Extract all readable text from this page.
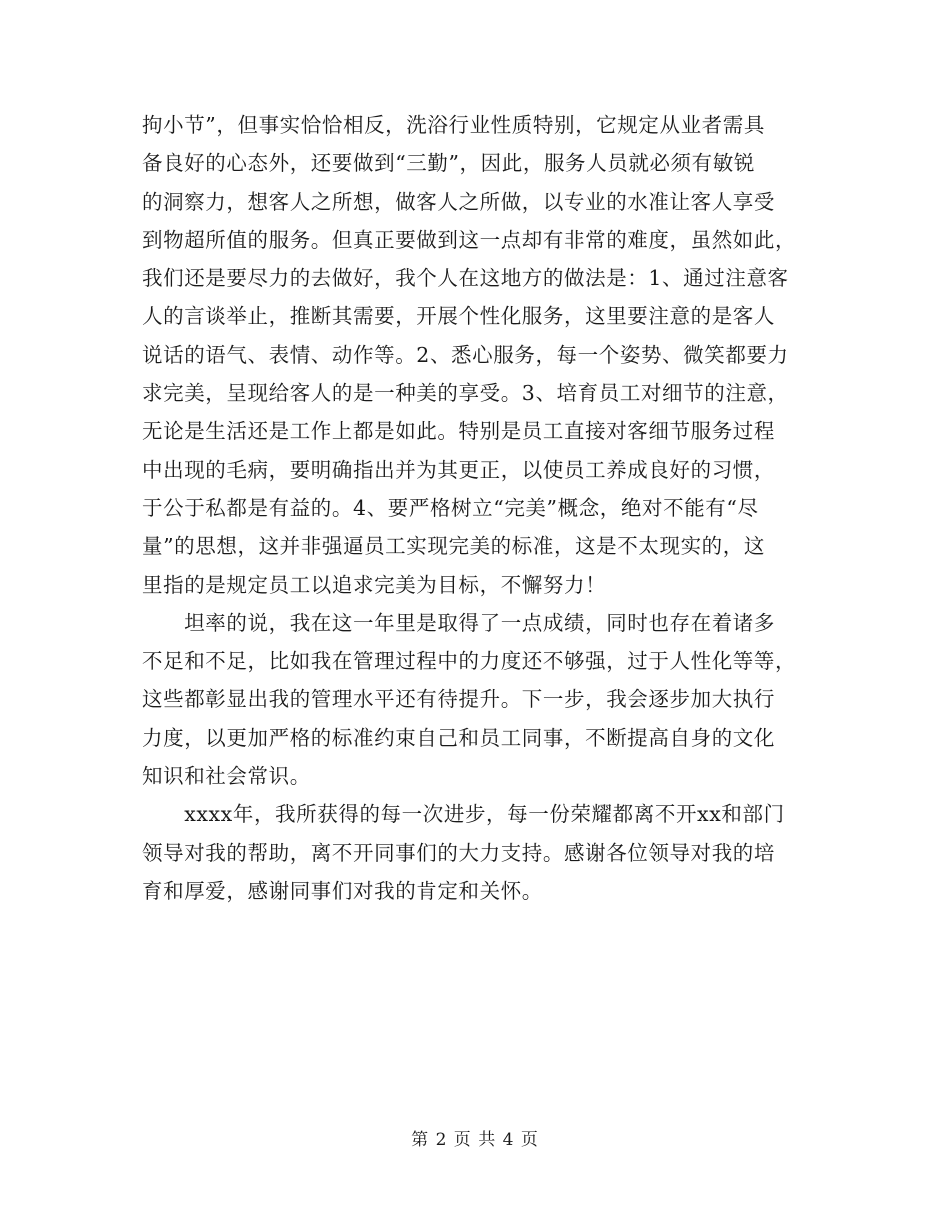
拘小节”，但事实恰恰相反，洗浴行业性质特别，它规定从业者需具
备良好的心态外，还要做到“三勤”，因此，服务人员就必须有敏锐
的洞察力，想客人之所想，做客人之所做，以专业的水准让客人享受
到物超所值的服务。但真正要做到这一点却有非常的难度，虽然如此，
我们还是要尽力的去做好，我个人在这地方的做法是：1、通过注意客
人的言谈举止，推断其需要，开展个性化服务，这里要注意的是客人
说话的语气、表情、动作等。2、悉心服务，每一个姿势、微笑都要力
求完美，呈现给客人的是一种美的享受。3、培育员工对细节的注意，
无论是生活还是工作上都是如此。特别是员工直接对客细节服务过程
中出现的毛病，要明确指出并为其更正，以使员工养成良好的习惯，
于公于私都是有益的。4、要严格树立“完美”概念，绝对不能有“尽
量”的思想，这并非强逼员工实现完美的标准，这是不太现实的，这
里指的是规定员工以追求完美为目标，不懈努力！
　　坦率的说，我在这一年里是取得了一点成绩，同时也存在着诸多
不足和不足，比如我在管理过程中的力度还不够强，过于人性化等等，
这些都彰显出我的管理水平还有待提升。下一步，我会逐步加大执行
力度，以更加严格的标准约束自己和员工同事，不断提高自身的文化
知识和社会常识。
　　xxxx年，我所获得的每一次进步，每一份荣耀都离不开xx和部门
领导对我的帮助，离不开同事们的大力支持。感谢各位领导对我的培
育和厚爱，感谢同事们对我的肯定和关怀。
第 2 页 共 4 页
